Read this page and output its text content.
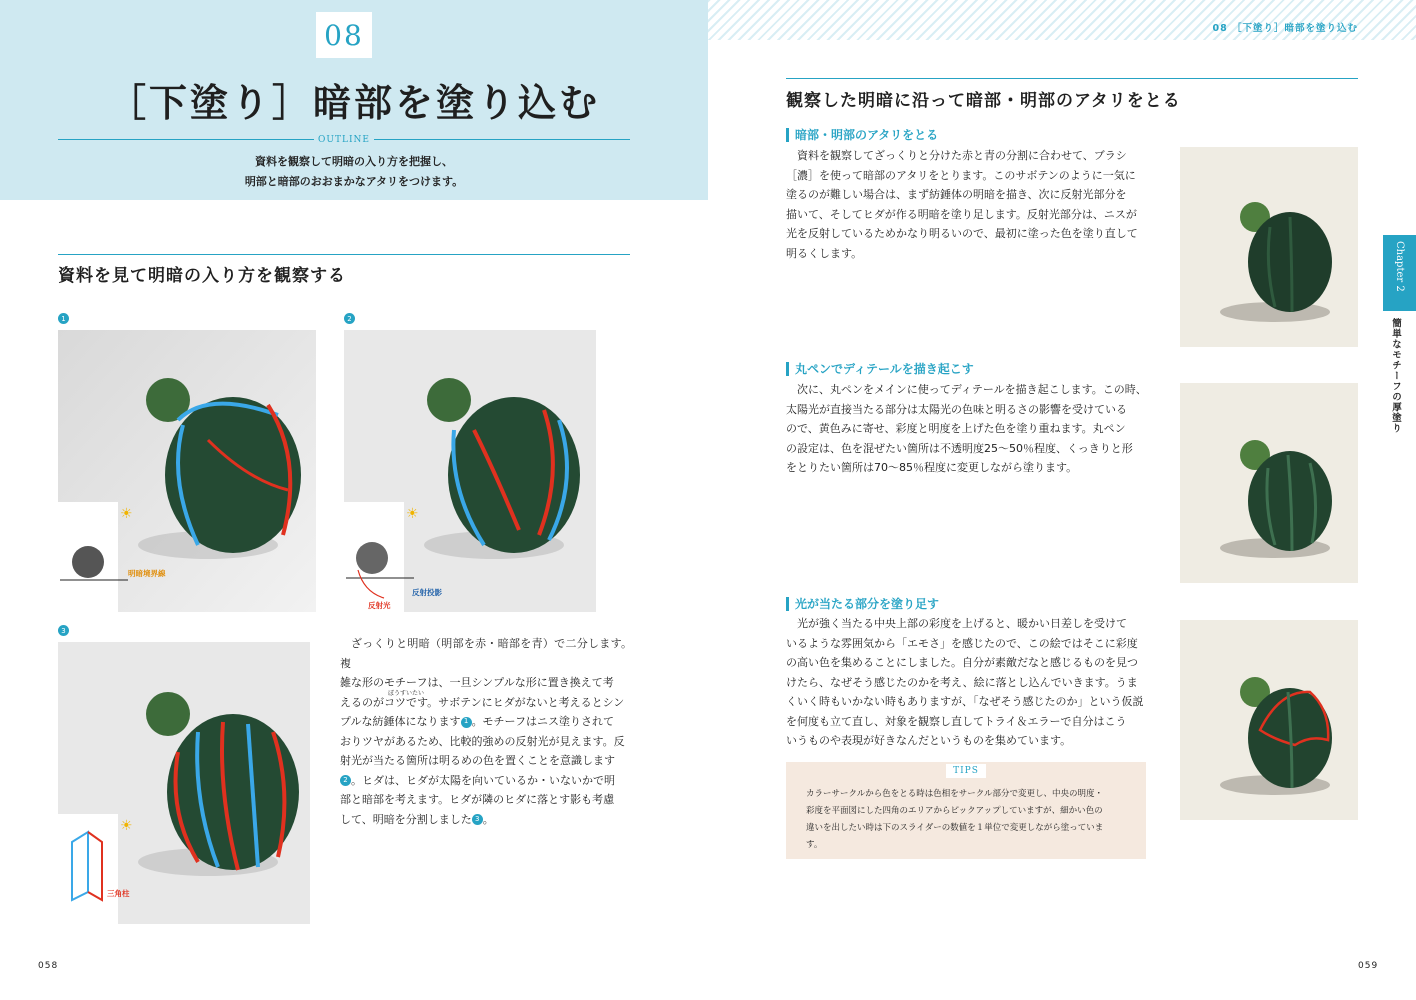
08
［下塗り］暗部を塗り込む
OUTLINE
資料を観察して明暗の入り方を把握し、
明部と暗部のおおまかなアタリをつけます。
資料を見て明暗の入り方を観察する
1
☀
明暗境界線
2
☀
反射投影
反射光
3
☀
三角柱
ざっくりと明暗（明部を赤・暗部を青）で二分します。複
雑な形のモチーフは、一旦シンプルな形に置き換えて考
えるのがコツです。サボテンにヒダがないと考えるとシン
プルな紡錘体になります 1 。モチーフはニス塗りされて
おりツヤがあるため、比較的強めの反射光が見えます。反
射光が当たる箇所は明るめの色を置くことを意識します
2 。ヒダは、ヒダが太陽を向いているか・いないかで明
部と暗部を考えます。ヒダが隣のヒダに落とす影も考慮
して、明暗を分割しました 3 。
ぼうすいたい
058
08 ［下塗り］暗部を塗り込む
観察した明暗に沿って暗部・明部のアタリをとる
暗部・明部のアタリをとる
資料を観察してざっくりと分けた赤と青の分割に合わせて、ブラシ
［濃］を使って暗部のアタリをとります。このサボテンのように一気に
塗るのが難しい場合は、まず紡錘体の明暗を描き、次に反射光部分を
描いて、そしてヒダが作る明暗を塗り足します。反射光部分は、ニスが
光を反射しているためかなり明るいので、最初に塗った色を塗り直して
明るくします。
丸ペンでディテールを描き起こす
次に、丸ペンをメインに使ってディテールを描き起こします。この時、
太陽光が直接当たる部分は太陽光の色味と明るさの影響を受けている
ので、黄色みに寄せ、彩度と明度を上げた色を塗り重ねます。丸ペン
の設定は、色を混ぜたい箇所は不透明度25～50％程度、くっきりと形
をとりたい箇所は70～85％程度に変更しながら塗ります。
光が当たる部分を塗り足す
光が強く当たる中央上部の彩度を上げると、暖かい日差しを受けて
いるような雰囲気から「エモさ」を感じたので、この絵ではそこに彩度
の高い色を集めることにしました。自分が素敵だなと感じるものを見つ
けたら、なぜそう感じたのかを考え、絵に落とし込んでいきます。うま
くいく時もいかない時もありますが、「なぜそう感じたのか」という仮説
を何度も立て直し、対象を観察し直してトライ＆エラーで自分はこう
いうものや表現が好きなんだというものを集めています。
TIPS
カラーサークルから色をとる時は色相をサークル部分で変更し、中央の明度・
彩度を平面図にした四角のエリアからピックアップしていますが、細かい色の
違いを出したい時は下のスライダーの数値を１単位で変更しながら塗っていま
す。
Chapter 2
簡単なモチーフの厚塗り
059
